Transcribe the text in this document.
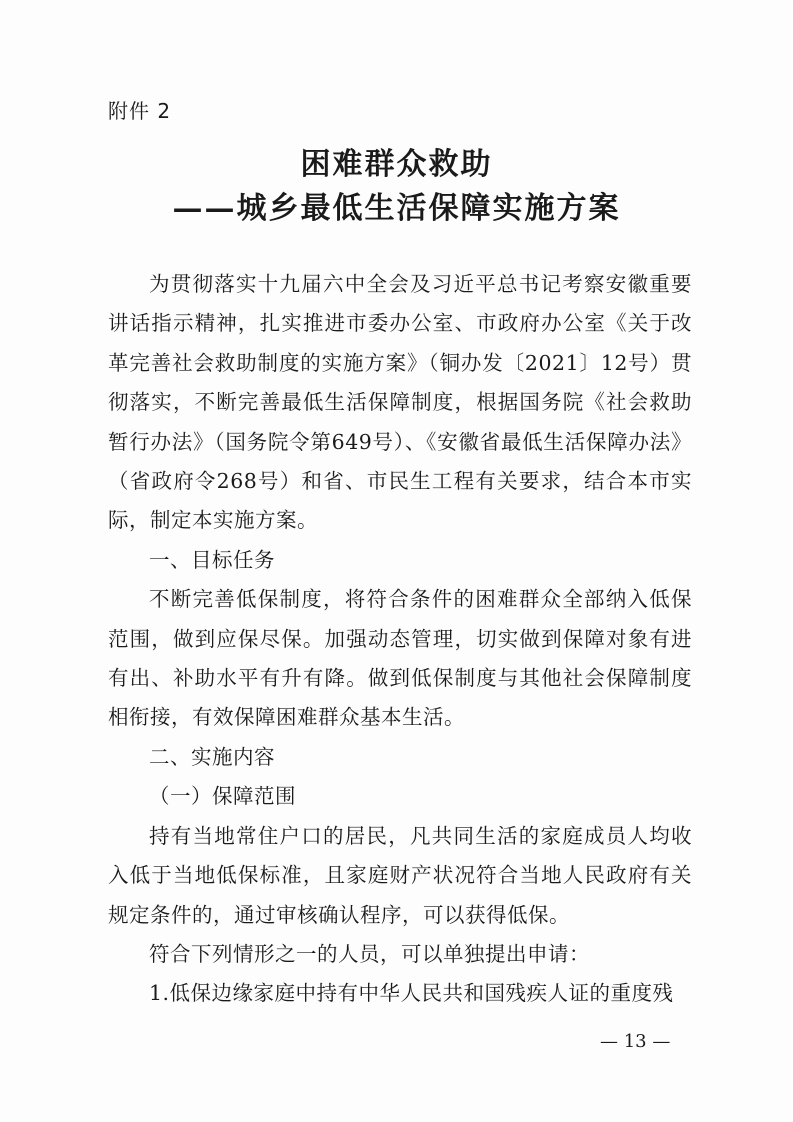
附件 2
困难群众救助
——城乡最低生活保障实施方案

为贯彻落实十九届六中全会及习近平总书记考察安徽重要讲话指示精神，扎实推进市委办公室、市政府办公室《关于改革完善社会救助制度的实施方案》（铜办发〔2021〕12号）贯彻落实，不断完善最低生活保障制度，根据国务院《社会救助暂行办法》（国务院令第649号）、《安徽省最低生活保障办法》（省政府令268号）和省、市民生工程有关要求，结合本市实际，制定本实施方案。

一、目标任务

不断完善低保制度，将符合条件的困难群众全部纳入低保范围，做到应保尽保。加强动态管理，切实做到保障对象有进有出、补助水平有升有降。做到低保制度与其他社会保障制度相衔接，有效保障困难群众基本生活。

二、实施内容

（一）保障范围

持有当地常住户口的居民，凡共同生活的家庭成员人均收入低于当地低保标准，且家庭财产状况符合当地人民政府有关规定条件的，通过审核确认程序，可以获得低保。

符合下列情形之一的人员，可以单独提出申请：

1.低保边缘家庭中持有中华人民共和国残疾人证的重度残

— 13 —
